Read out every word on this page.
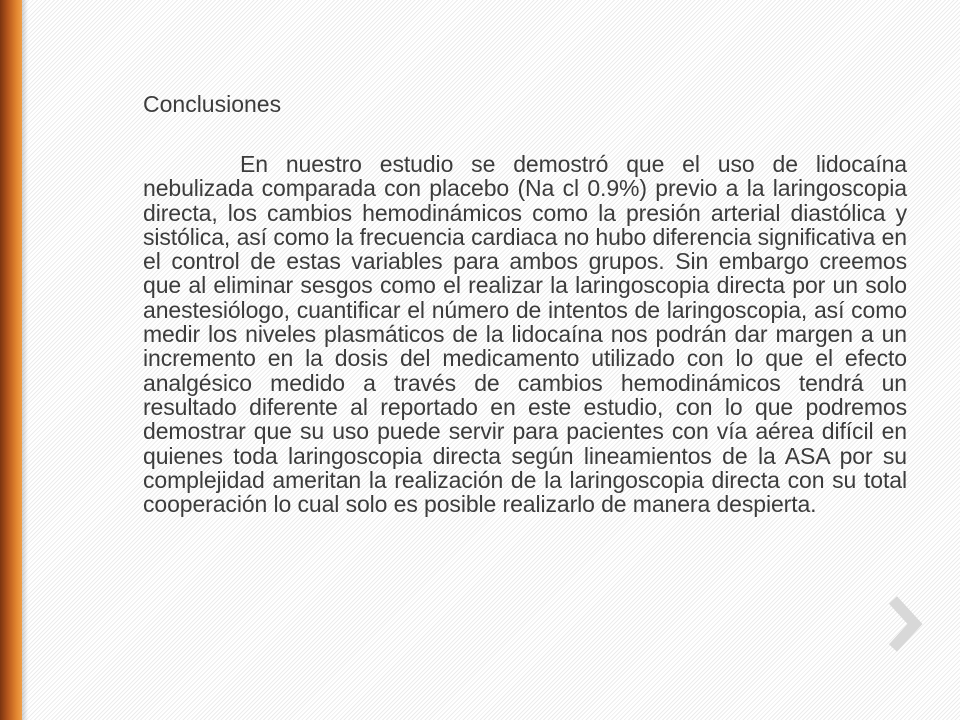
Conclusiones

En nuestro estudio se demostró que el uso de lidocaína nebulizada comparada con placebo (Na cl 0.9%) previo a la laringoscopia directa, los cambios hemodinámicos como la presión arterial diastólica y sistólica, así como la frecuencia cardiaca no hubo diferencia significativa en el control de estas variables para ambos grupos. Sin embargo creemos que al eliminar sesgos como el realizar la laringoscopia directa por un solo anestesiólogo, cuantificar el número de intentos de laringoscopia, así como medir los niveles plasmáticos de la lidocaína nos podrán dar margen a un incremento en la dosis del medicamento utilizado con lo que el efecto analgésico medido a través de cambios hemodinámicos tendrá un resultado diferente al reportado en este estudio, con lo que podremos demostrar que su uso puede servir para pacientes con vía aérea difícil en quienes toda laringoscopia directa según lineamientos de la ASA por su complejidad ameritan la realización de la laringoscopia directa con su total cooperación lo cual solo es posible realizarlo de manera despierta.
